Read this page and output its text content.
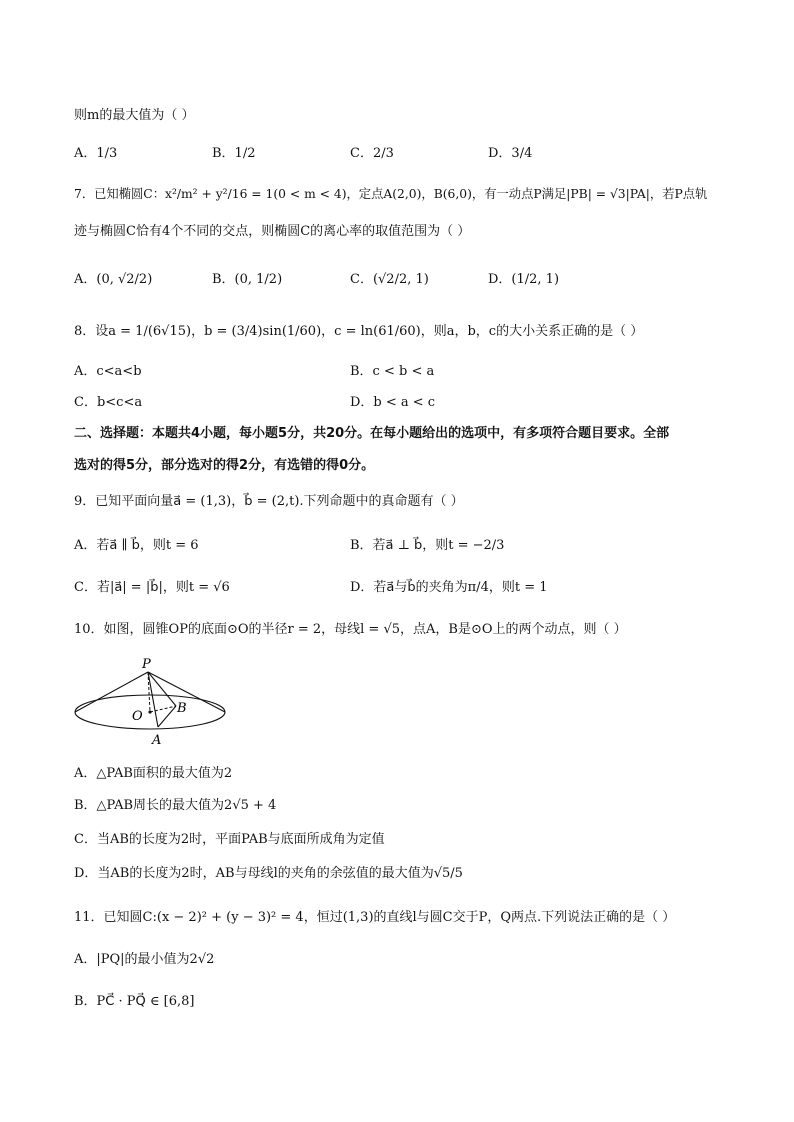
则m的最大值为（ ）
A．1/3	B．1/2	C．2/3	D．3/4
7．已知椭圆C：x²/m² + y²/16 = 1(0 < m < 4)，定点A(2,0)，B(6,0)，有一动点P满足|PB| = √3|PA|，若P点轨
迹与椭圆C恰有4个不同的交点，则椭圆C的离心率的取值范围为（ ）
A．(0, √2/2)	B．(0, 1/2)	C．(√2/2, 1)	D．(1/2, 1)
8．设a = 1/(6√15)，b = (3/4)sin(1/60)，c = ln(61/60)，则a，b，c的大小关系正确的是（ ）
A．c<a<b	B．c < b < a
C．b<c<a	D．b < a < c
二、选择题：本题共4小题，每小题5分，共20分。在每小题给出的选项中，有多项符合题目要求。全部
选对的得5分，部分选对的得2分，有选错的得0分。
9．已知平面向量a⃗ = (1,3)，b⃗ = (2,t).下列命题中的真命题有（ ）
A．若a⃗ ∥ b⃗，则t = 6	B．若a⃗ ⊥ b⃗，则t = −2/3
C．若|a⃗| = |b⃗|，则t = √6	D．若a⃗与b⃗的夹角为π/4，则t = 1
10．如图，圆锥OP的底面⊙O的半径r = 2，母线l = √5，点A，B是⊙O上的两个动点，则（ ）
P
O
B
A
A．△PAB面积的最大值为2
B．△PAB周长的最大值为2√5 + 4
C．当AB的长度为2时，平面PAB与底面所成角为定值
D．当AB的长度为2时，AB与母线l的夹角的余弦值的最大值为√5/5
11．已知圆C:(x − 2)² + (y − 3)² = 4，恒过(1,3)的直线l与圆C交于P，Q两点.下列说法正确的是（ ）
A．|PQ|的最小值为2√2
B．PC⃗ · PQ⃗ ∈ [6,8]
